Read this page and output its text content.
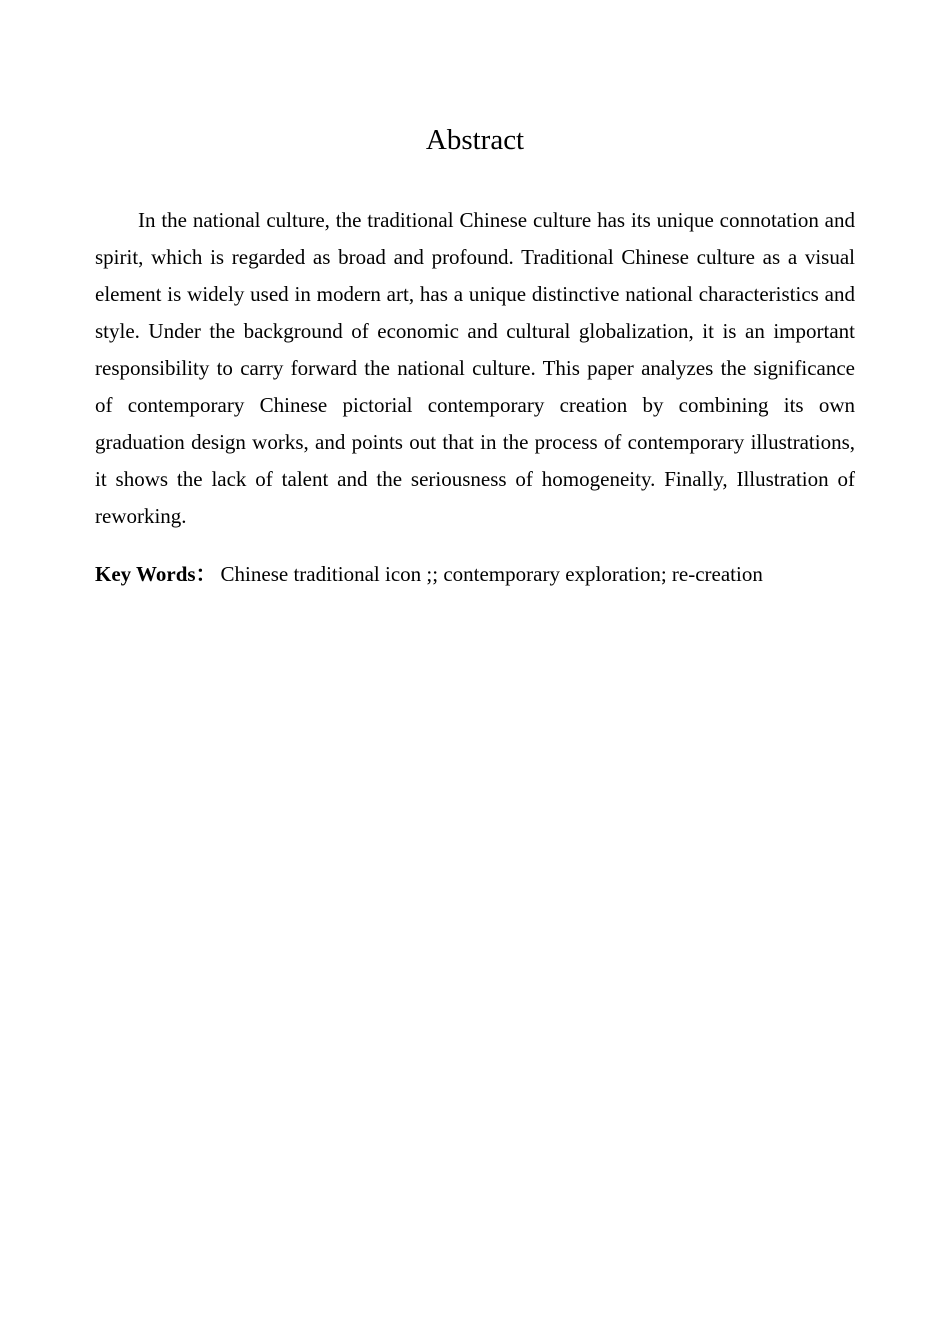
Abstract

In the national culture, the traditional Chinese culture has its unique connotation and spirit, which is regarded as broad and profound. Traditional Chinese culture as a visual element is widely used in modern art, has a unique distinctive national characteristics and style. Under the background of economic and cultural globalization, it is an important responsibility to carry forward the national culture. This paper analyzes the significance of contemporary Chinese pictorial contemporary creation by combining its own graduation design works, and points out that in the process of contemporary illustrations, it shows the lack of talent and the seriousness of homogeneity. Finally, Illustration of reworking.

Key Words： Chinese traditional icon ;; contemporary exploration; re-creation
